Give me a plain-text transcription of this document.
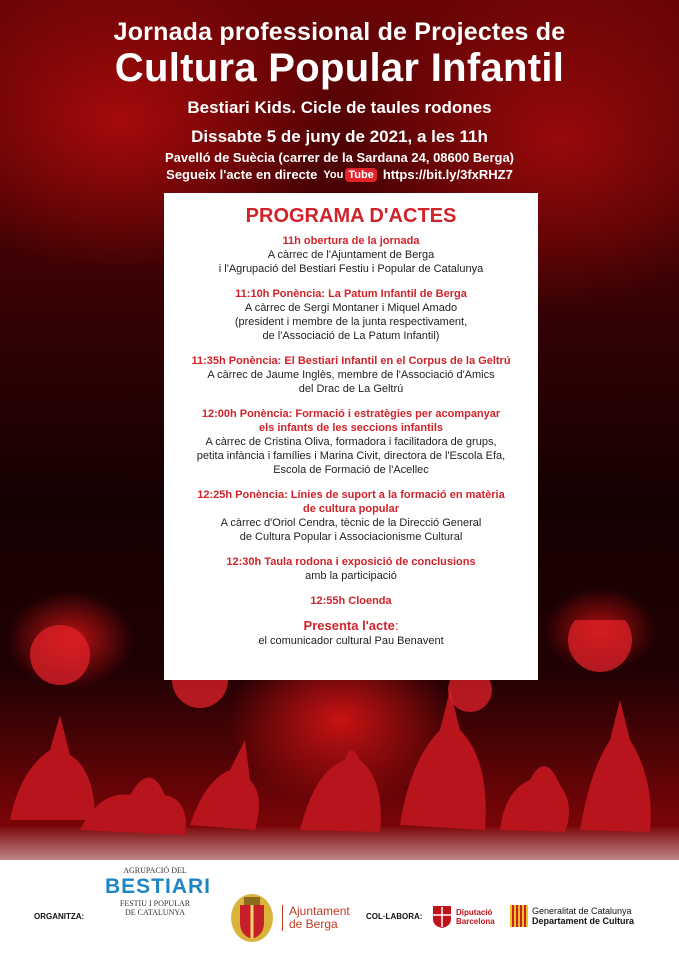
Jornada professional de Projectes de
Cultura Popular Infantil
Bestiari Kids. Cicle de taules rodones
Dissabte 5 de juny de 2021, a les 11h
Pavelló de Suècia (carrer de la Sardana 24, 08600 Berga)
Segueix l'acte en directe You Tube https://bit.ly/3fxRHZ7
PROGRAMA D'ACTES
11h obertura de la jornada
A càrrec de l'Ajuntament de Berga
i l'Agrupació del Bestiari Festiu i Popular de Catalunya
11:10h Ponència: La Patum Infantil de Berga
A càrrec de Sergi Montaner i Miquel Amado
(president i membre de la junta respectivament,
de l'Associació de La Patum Infantil)
11:35h Ponència: El Bestiari Infantil en el Corpus de la Geltrú
A càrrec de Jaume Inglès, membre de l'Associació d'Amics
del Drac de La Geltrú
12:00h Ponència: Formació i estratègies per acompanyar
els infants de les seccions infantils
A càrrec de Cristina Oliva, formadora i facilitadora de grups,
petita infància i famílies i Marina Civit, directora de l'Escola Efa,
Escola de Formació de l'Acellec
12:25h Ponència: Línies de suport a la formació en matèria
de cultura popular
A càrrec d'Oriol Cendra, tècnic de la Direcció General
de Cultura Popular i Associacionisme Cultural
12:30h Taula rodona i exposició de conclusions
amb la participació
12:55h Cloenda
Presenta l'acte:
el comunicador cultural Pau Benavent
ORGANITZA:	COL·LABORA:
AGRUPACIÓ DEL
BESTIARI
FESTIU I POPULAR
DE CATALUNYA	Ajuntament
de Berga
Diputació
Barcelona
Generalitat de Catalunya
Departament de Cultura
